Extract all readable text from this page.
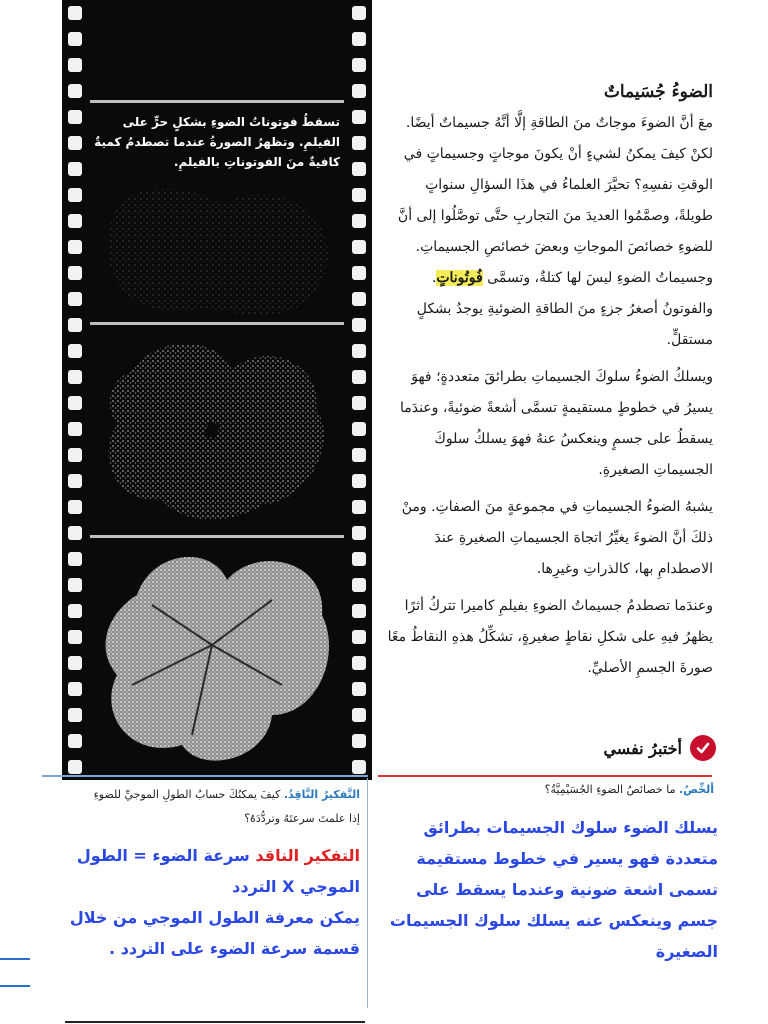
تسقطُ فوتوناتُ الضوءِ بشكلٍ حرٍّ على الفيلمِ. وتظهرُ الصورةُ عندما تصطدمُ كميةٌ كافيةٌ منَ الفوتوناتِ بالفيلمِ.
الضوءُ جُسَيماتٌ

معَ أنَّ الضوءَ موجاتٌ منَ الطاقةِ إلَّا أنَّهُ جسيماتٌ أيضًا. لكنْ كيفَ يمكنُ لشيءٍ أنْ يكونَ موجاتٍ وجسيماتٍ في الوقتِ نفسِهِ؟ تحيَّرَ العلماءُ في هذَا السؤالِ سنواتٍ طويلةً، وصمَّمُوا العديدَ منَ التجاربِ حتَّى توصَّلُوا إلى أنَّ للضوءِ خصائصَ الموجاتِ وبعضَ خصائصِ الجسيماتِ. وجسيماتُ الضوءِ ليسَ لها كتلةٌ، وتسمَّى فُوتُوناتٍ. والفوتونُ أصغرُ جزءٍ منَ الطاقةِ الضوئيةِ يوجدُ بشكلٍ مستقلٍّ.

ويسلكُ الضوءُ سلوكَ الجسيماتِ بطرائقَ متعددةٍ؛ فهوَ يسيرُ في خطوطٍ مستقيمةٍ تسمَّى أشعةً ضوئيةً، وعندَما يسقطُ على جسمٍ وينعكسُ عنهُ فهوَ يسلكُ سلوكَ الجسيماتِ الصغيرةِ.

يشبهُ الضوءُ الجسيماتِ في مجموعةٍ منَ الصفاتِ. ومنْ ذلكَ أنَّ الضوءَ يغيِّرُ اتجاهَ الجسيماتِ الصغيرةِ عندَ الاصطدامِ بها، كالذراتِ وغيرِها.

وعندَما تصطدمُ جسيماتُ الضوءِ بفيلمِ كاميرا تتركُ أثرًا يظهرُ فيهِ على شكلِ نقاطٍ صغيرةٍ، تشكِّلُ هذهِ النقاطُ معًا صورةَ الجسمِ الأصليِّ.

أختبرُ نفسي
ألخِّصُ. ما خصائصُ الضوءِ الجُسَيْمِيَّةُ؟
يسلك الضوء سلوك الجسيمات بطرائق متعددة فهو يسير في خطوط مستقيمة تسمى اشعة ضونية وعندما يسقط على جسم وينعكس عنه يسلك سلوك الجسيمات الصغيرة
التَّفكيرُ النَّاقِدُ. كيفَ يمكنُكَ حسابُ الطولِ الموجيِّ للضوءِ إذا علمتَ سرعتَهُ وتردُّدَهُ؟
التفكير الناقد سرعة الضوء = الطول الموجي X التردد
يمكن معرفة الطول الموجي من خلال قسمة سرعة الضوء على التردد .
